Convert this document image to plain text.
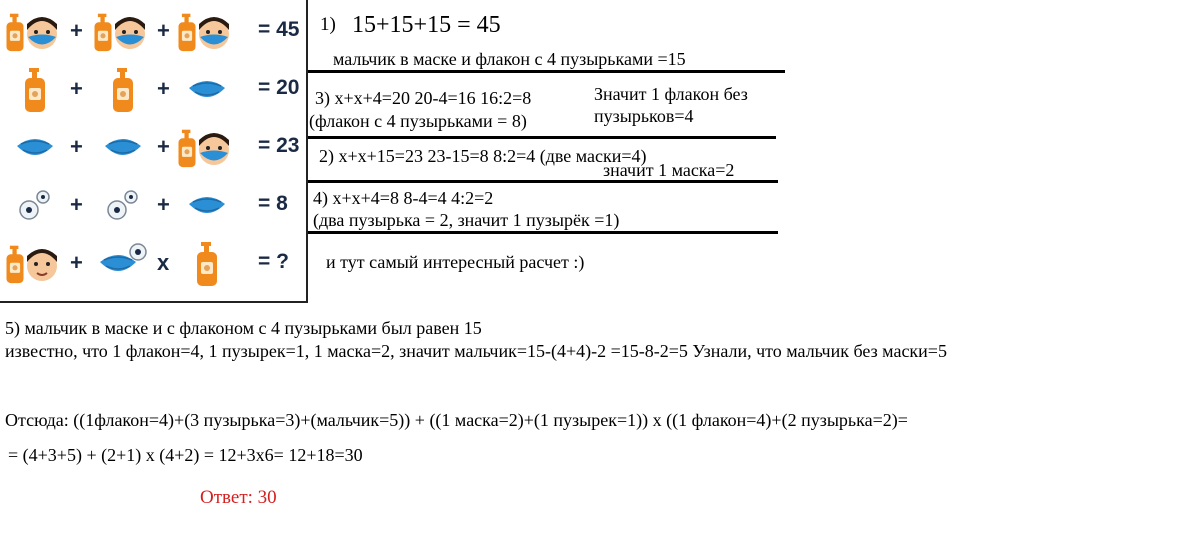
+	+	= 45
+	+	= 20
+	+	= 23
+	+	= 8
+	x	= ?
1) 15+15+15 = 45
мальчик в маске и флакон с 4 пузырьками =15
3) x+x+4=20 20-4=16 16:2=8	Значит 1 флакон без
пузырьков=4
(флакон с 4 пузырьками = 8)
2) x+x+15=23 23-15=8 8:2=4 (две маски=4)
значит 1 маска=2
4) x+x+4=8 8-4=4 4:2=2
(два пузырька = 2, значит 1 пузырёк =1)
и тут самый интересный расчет :)
5) мальчик в маске и с флаконом с 4 пузырьками был равен 15
известно, что 1 флакон=4, 1 пузырек=1, 1 маска=2, значит мальчик=15-(4+4)-2 =15-8-2=5 Узнали, что мальчик без маски=5
Отсюда: ((1флакон=4)+(3 пузырька=3)+(мальчик=5)) + ((1 маска=2)+(1 пузырек=1)) x ((1 флакон=4)+(2 пузырька=2)=
= (4+3+5) + (2+1) x (4+2) = 12+3x6= 12+18=30
Ответ: 30
